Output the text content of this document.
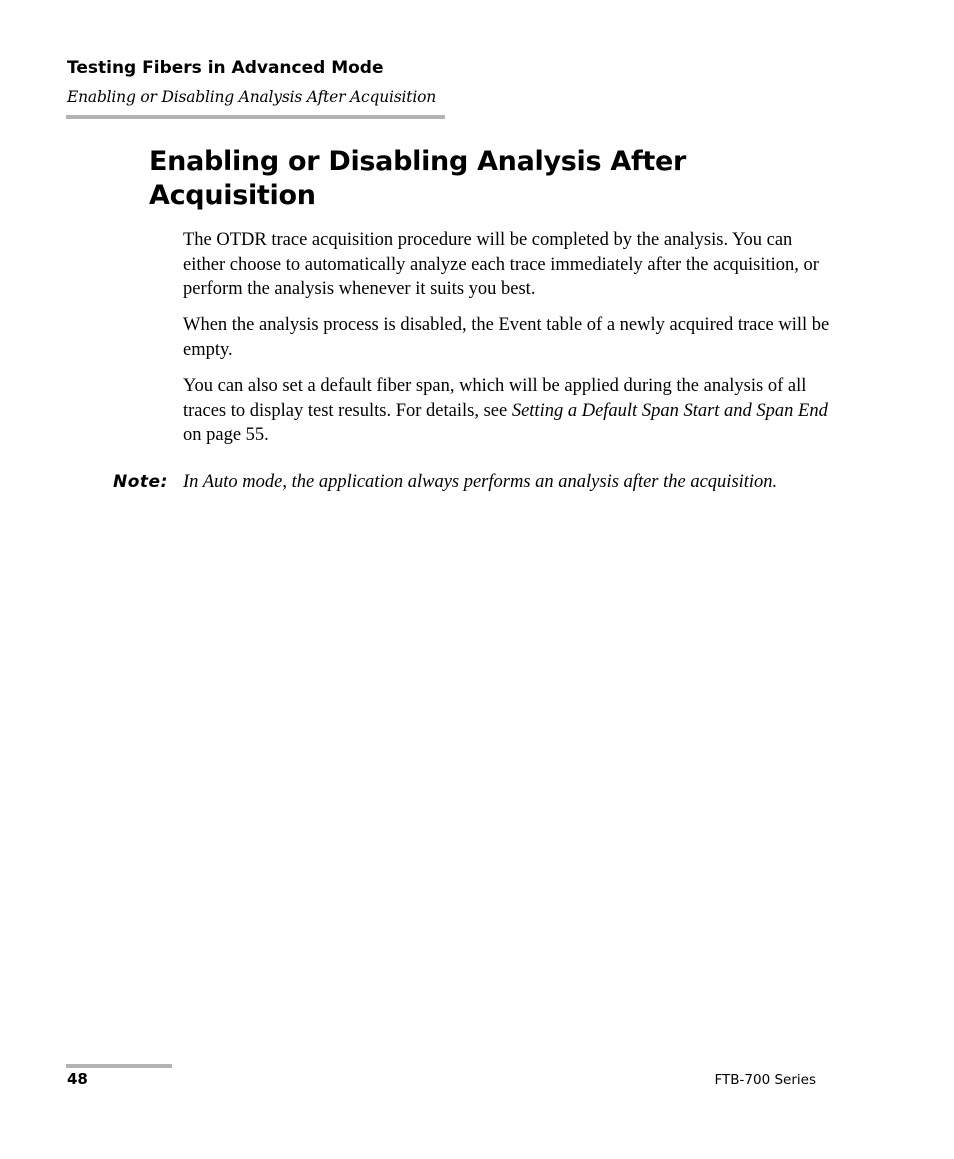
Testing Fibers in Advanced Mode
Enabling or Disabling Analysis After Acquisition
Enabling or Disabling Analysis After Acquisition

The OTDR trace acquisition procedure will be completed by the analysis. You can either choose to automatically analyze each trace immediately after the acquisition, or perform the analysis whenever it suits you best.

When the analysis process is disabled, the Event table of a newly acquired trace will be empty.

You can also set a default fiber span, which will be applied during the analysis of all traces to display test results. For details, see Setting a Default Span Start and Span End on page 55.

Note: In Auto mode, the application always performs an analysis after the acquisition.

48	FTB-700 Series
